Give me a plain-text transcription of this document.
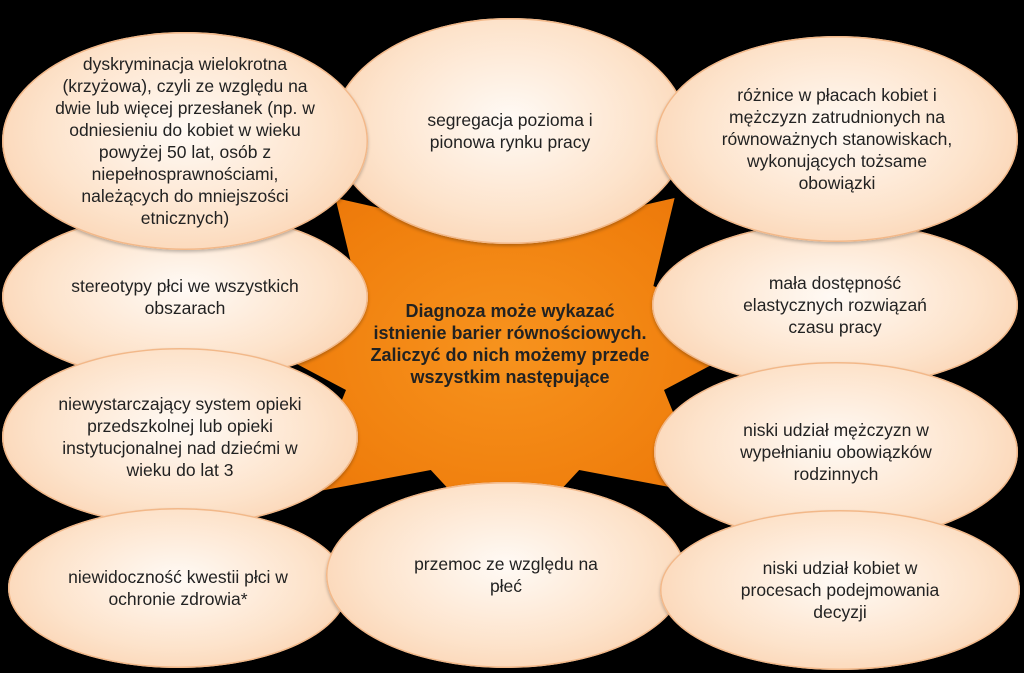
stereotypy płci we wszystkich obszarach
niewystarczający system opieki przedszkolnej lub opieki instytucjonalnej nad dziećmi w wieku do lat 3
niewidoczność kwestii płci w ochronie zdrowia*
segregacja pozioma i pionowa rynku pracy
dyskryminacja wielokrotna (krzyżowa), czyli ze względu na dwie lub więcej przesłanek (np. w odniesieniu do kobiet w wieku powyżej 50 lat, osób z niepełnosprawnościami, należących do mniejszości etnicznych)
mała dostępność elastycznych rozwiązań czasu pracy
różnice w płacach kobiet i mężczyzn zatrudnionych na równoważnych stanowiskach, wykonujących tożsame obowiązki
niski udział mężczyzn w wypełnianiu obowiązków rodzinnych
przemoc ze względu na płeć
niski udział kobiet w procesach podejmowania decyzji
Diagnoza może wykazać istnienie barier równościowych. Zaliczyć do nich możemy przede wszystkim następujące
